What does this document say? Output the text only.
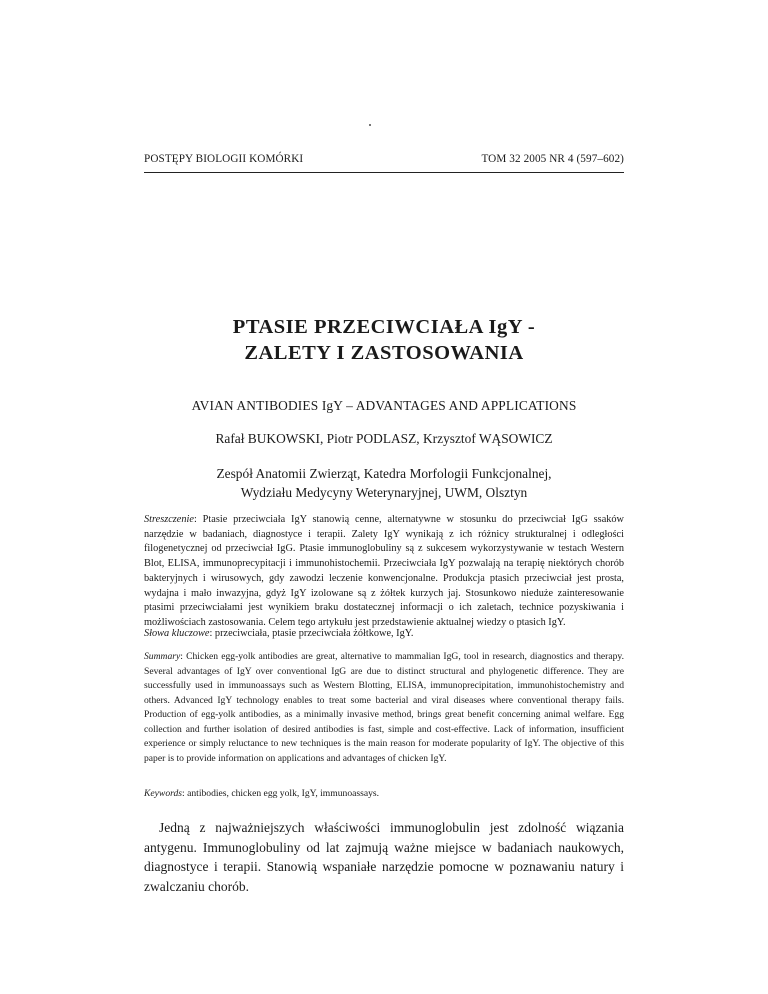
POSTĘPY BIOLOGII KOMÓRKI	TOM 32 2005 NR 4 (597–602)
PTASIE PRZECIWCIAŁA IgY -
ZALETY I ZASTOSOWANIA
AVIAN ANTIBODIES IgY – ADVANTAGES AND APPLICATIONS
Rafał BUKOWSKI, Piotr PODLASZ, Krzysztof WĄSOWICZ
Zespół Anatomii Zwierząt, Katedra Morfologii Funkcjonalnej,
Wydziału Medycyny Weterynaryjnej, UWM, Olsztyn
Streszczenie: Ptasie przeciwciała IgY stanowią cenne, alternatywne w stosunku do przeciwciał IgG ssaków narzędzie w badaniach, diagnostyce i terapii. Zalety IgY wynikają z ich różnicy strukturalnej i odległości filogenetycznej od przeciwciał IgG. Ptasie immunoglobuliny są z sukcesem wykorzystywanie w testach Western Blot, ELISA, immunoprecypitacji i immunohistochemii. Przeciwciała IgY pozwalają na terapię niektórych chorób bakteryjnych i wirusowych, gdy zawodzi leczenie konwencjonalne. Produkcja ptasich przeciwciał jest prosta, wydajna i mało inwazyjna, gdyż IgY izolowane są z żółtek kurzych jaj. Stosunkowo nieduże zainteresowanie ptasimi przeciwciałami jest wynikiem braku dostatecznej informacji o ich zaletach, technice pozyskiwania i możliwościach zastosowania. Celem tego artykułu jest przedstawienie aktualnej wiedzy o ptasich IgY.
Słowa kluczowe: przeciwciała, ptasie przeciwciała żółtkowe, IgY.
Summary: Chicken egg-yolk antibodies are great, alternative to mammalian IgG, tool in research, diagnostics and therapy. Several advantages of IgY over conventional IgG are due to distinct structural and phylogenetic difference. They are successfully used in immunoassays such as Western Blotting, ELISA, immunoprecipitation, immunohistochemistry and others. Advanced IgY technology enables to treat some bacterial and viral diseases where conventional therapy fails. Production of egg-yolk antibodies, as a minimally invasive method, brings great benefit concerning animal welfare. Egg collection and further isolation of desired antibodies is fast, simple and cost-effective. Lack of information, insufficient experience or simply reluctance to new techniques is the main reason for moderate popularity of IgY. The objective of this paper is to provide information on applications and advantages of chicken IgY.
Keywords: antibodies, chicken egg yolk, IgY, immunoassays.
Jedną z najważniejszych właściwości immunoglobulin jest zdolność wiązania antygenu. Immunoglobuliny od lat zajmują ważne miejsce w badaniach naukowych, diagnostyce i terapii. Stanowią wspaniałe narzędzie pomocne w poznawaniu natury i zwalczaniu chorób.
